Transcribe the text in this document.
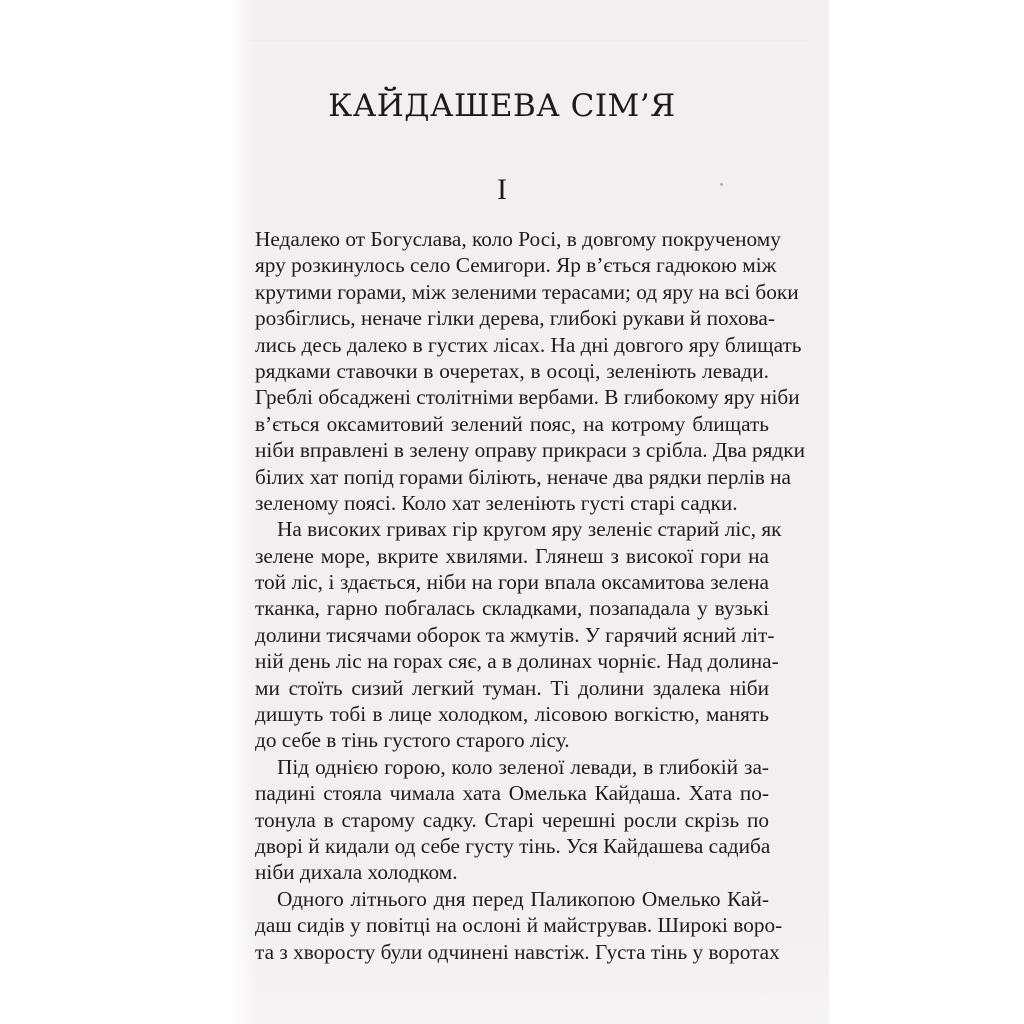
КАЙДАШЕВА СІМ’Я
I
Недалеко от Богуслава, коло Росі, в довгому покрученому
яру розкинулось село Семигори. Яр в’ється гадюкою між
крутими горами, між зеленими терасами; од яру на всі боки
розбіглись, неначе гілки дерева, глибокі рукави й похова-
лись десь далеко в густих лісах. На дні довгого яру блищать
рядками ставочки в очеретах, в осоці, зеленіють левади.
Греблі обсаджені столітніми вербами. В глибокому яру ніби
в’ється оксамитовий зелений пояс, на котрому блищать
ніби вправлені в зелену оправу прикраси з срібла. Два рядки
білих хат попід горами біліють, неначе два рядки перлів на
зеленому поясі. Коло хат зеленіють густі старі садки.
На високих гривах гір кругом яру зеленіє старий ліс, як
зелене море, вкрите хвилями. Глянеш з високої гори на
той ліс, і здається, ніби на гори впала оксамитова зелена
тканка, гарно побгалась складками, позападала у вузькі
долини тисячами оборок та жмутів. У гарячий ясний літ-
ній день ліс на горах сяє, а в долинах чорніє. Над долина-
ми стоїть сизий легкий туман. Ті долини здалека ніби
дишуть тобі в лице холодком, лісовою вогкістю, манять
до себе в тінь густого старого лісу.
Під однією горою, коло зеленої левади, в глибокій за-
падині стояла чимала хата Омелька Кайдаша. Хата по-
тонула в старому садку. Старі черешні росли скрізь по
дворі й кидали од себе густу тінь. Уся Кайдашева садиба
ніби дихала холодком.
Одного літнього дня перед Паликопою Омелько Кай-
даш сидів у повітці на ослоні й майстрував. Широкі воро-
та з хворосту були одчинені навстіж. Густа тінь у воротах
